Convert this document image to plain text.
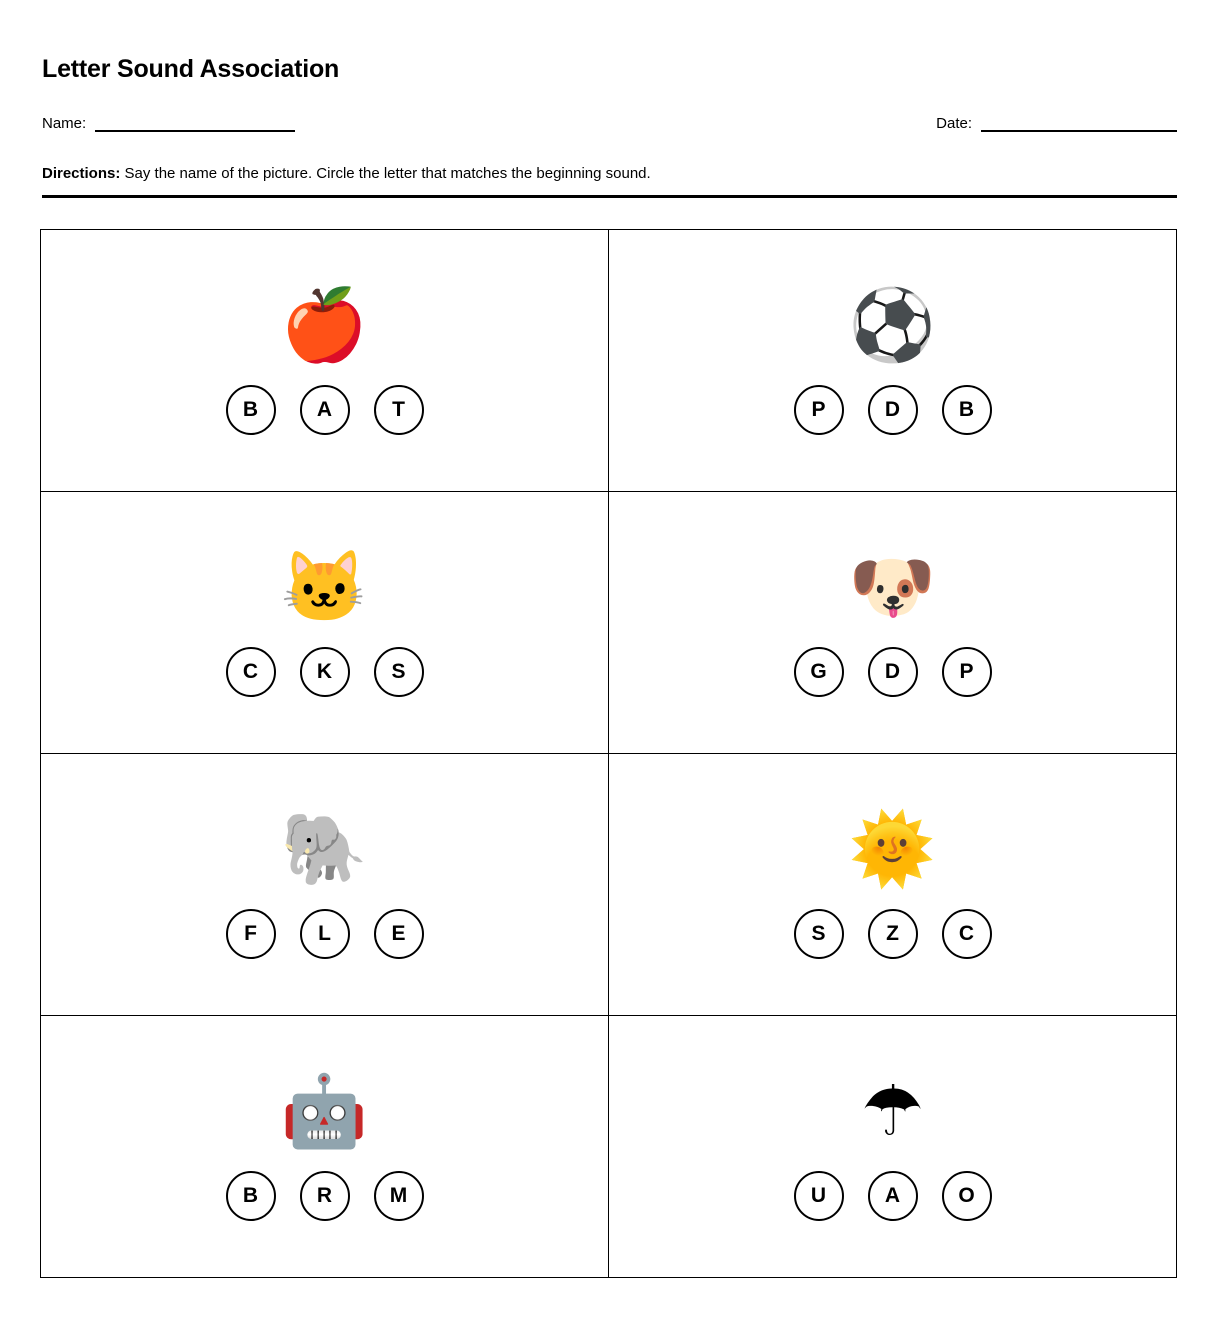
Letter Sound Association
Name:	Date:

Directions: Say the name of the picture. Circle the letter that matches the beginning sound.

🍎
B	A	T

⚽
P	D	B

🐱
C	K	S

🐶
G	D	P

🐘
F	L	E

🌞
S	Z	C

🤖
B	R	M

☂
U	A	O
